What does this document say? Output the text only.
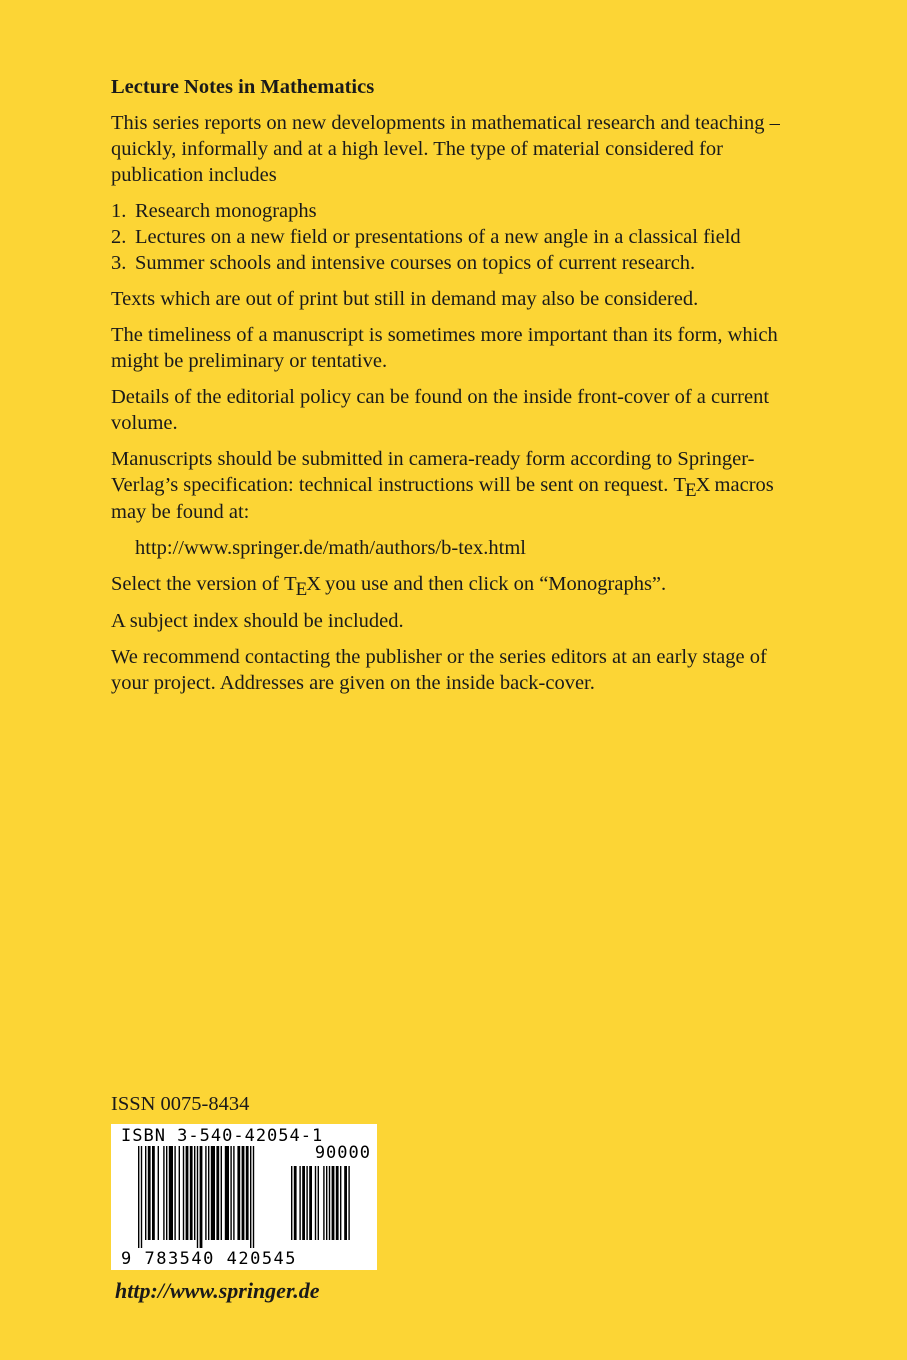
Lecture Notes in Mathematics
This series reports on new developments in mathematical research and teaching – quickly, informally and at a high level. The type of material considered for publication includes
1. Research monographs
2. Lectures on a new field or presentations of a new angle in a classical field
3. Summer schools and intensive courses on topics of current research.
Texts which are out of print but still in demand may also be considered.
The timeliness of a manuscript is sometimes more important than its form, which might be preliminary or tentative.
Details of the editorial policy can be found on the inside front-cover of a current volume.
Manuscripts should be submitted in camera-ready form according to Springer-Verlag’s specification: technical instructions will be sent on request. TEX macros may be found at:
http://www.springer.de/math/authors/b-tex.html
Select the version of TEX you use and then click on “Monographs”.
A subject index should be included.
We recommend contacting the publisher or the series editors at an early stage of your project. Addresses are given on the inside back-cover.
ISSN 0075-8434
ISBN 3-540-42054-1
90000
9 783540 420545
http://www.springer.de
